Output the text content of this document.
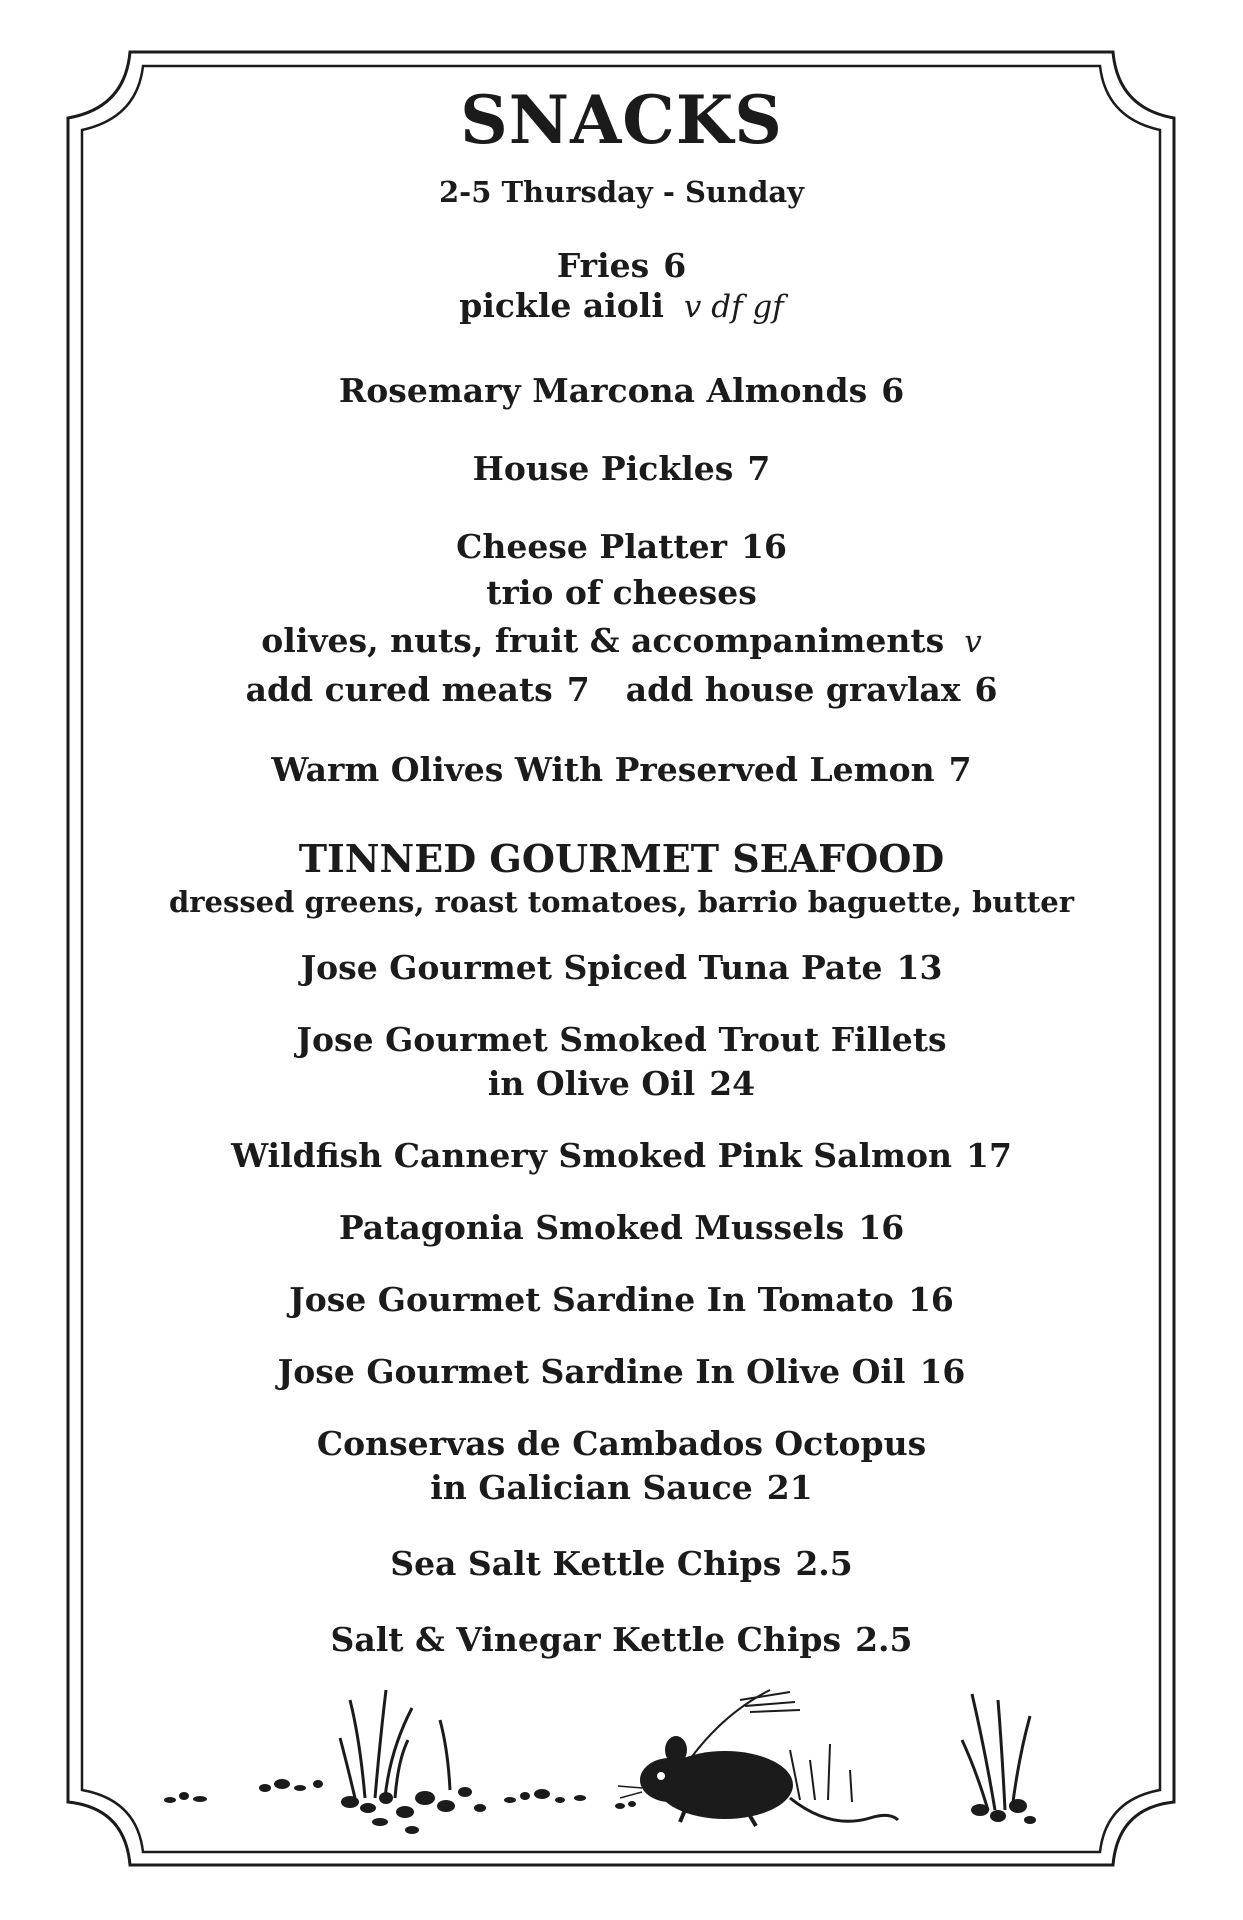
SNACKS
2-5 Thursday - Sunday
Fries 6
pickle aioli v df gf
Rosemary Marcona Almonds 6
House Pickles 7
Cheese Platter 16
trio of cheeses
olives, nuts, fruit & accompaniments v
add cured meats 7 add house gravlax 6
Warm Olives With Preserved Lemon 7
TINNED GOURMET SEAFOOD
dressed greens, roast tomatoes, barrio baguette, butter
Jose Gourmet Spiced Tuna Pate 13
Jose Gourmet Smoked Trout Fillets
in Olive Oil 24
Wildfish Cannery Smoked Pink Salmon 17
Patagonia Smoked Mussels 16
Jose Gourmet Sardine In Tomato 16
Jose Gourmet Sardine In Olive Oil 16
Conservas de Cambados Octopus
in Galician Sauce 21
Sea Salt Kettle Chips 2.5
Salt & Vinegar Kettle Chips 2.5
